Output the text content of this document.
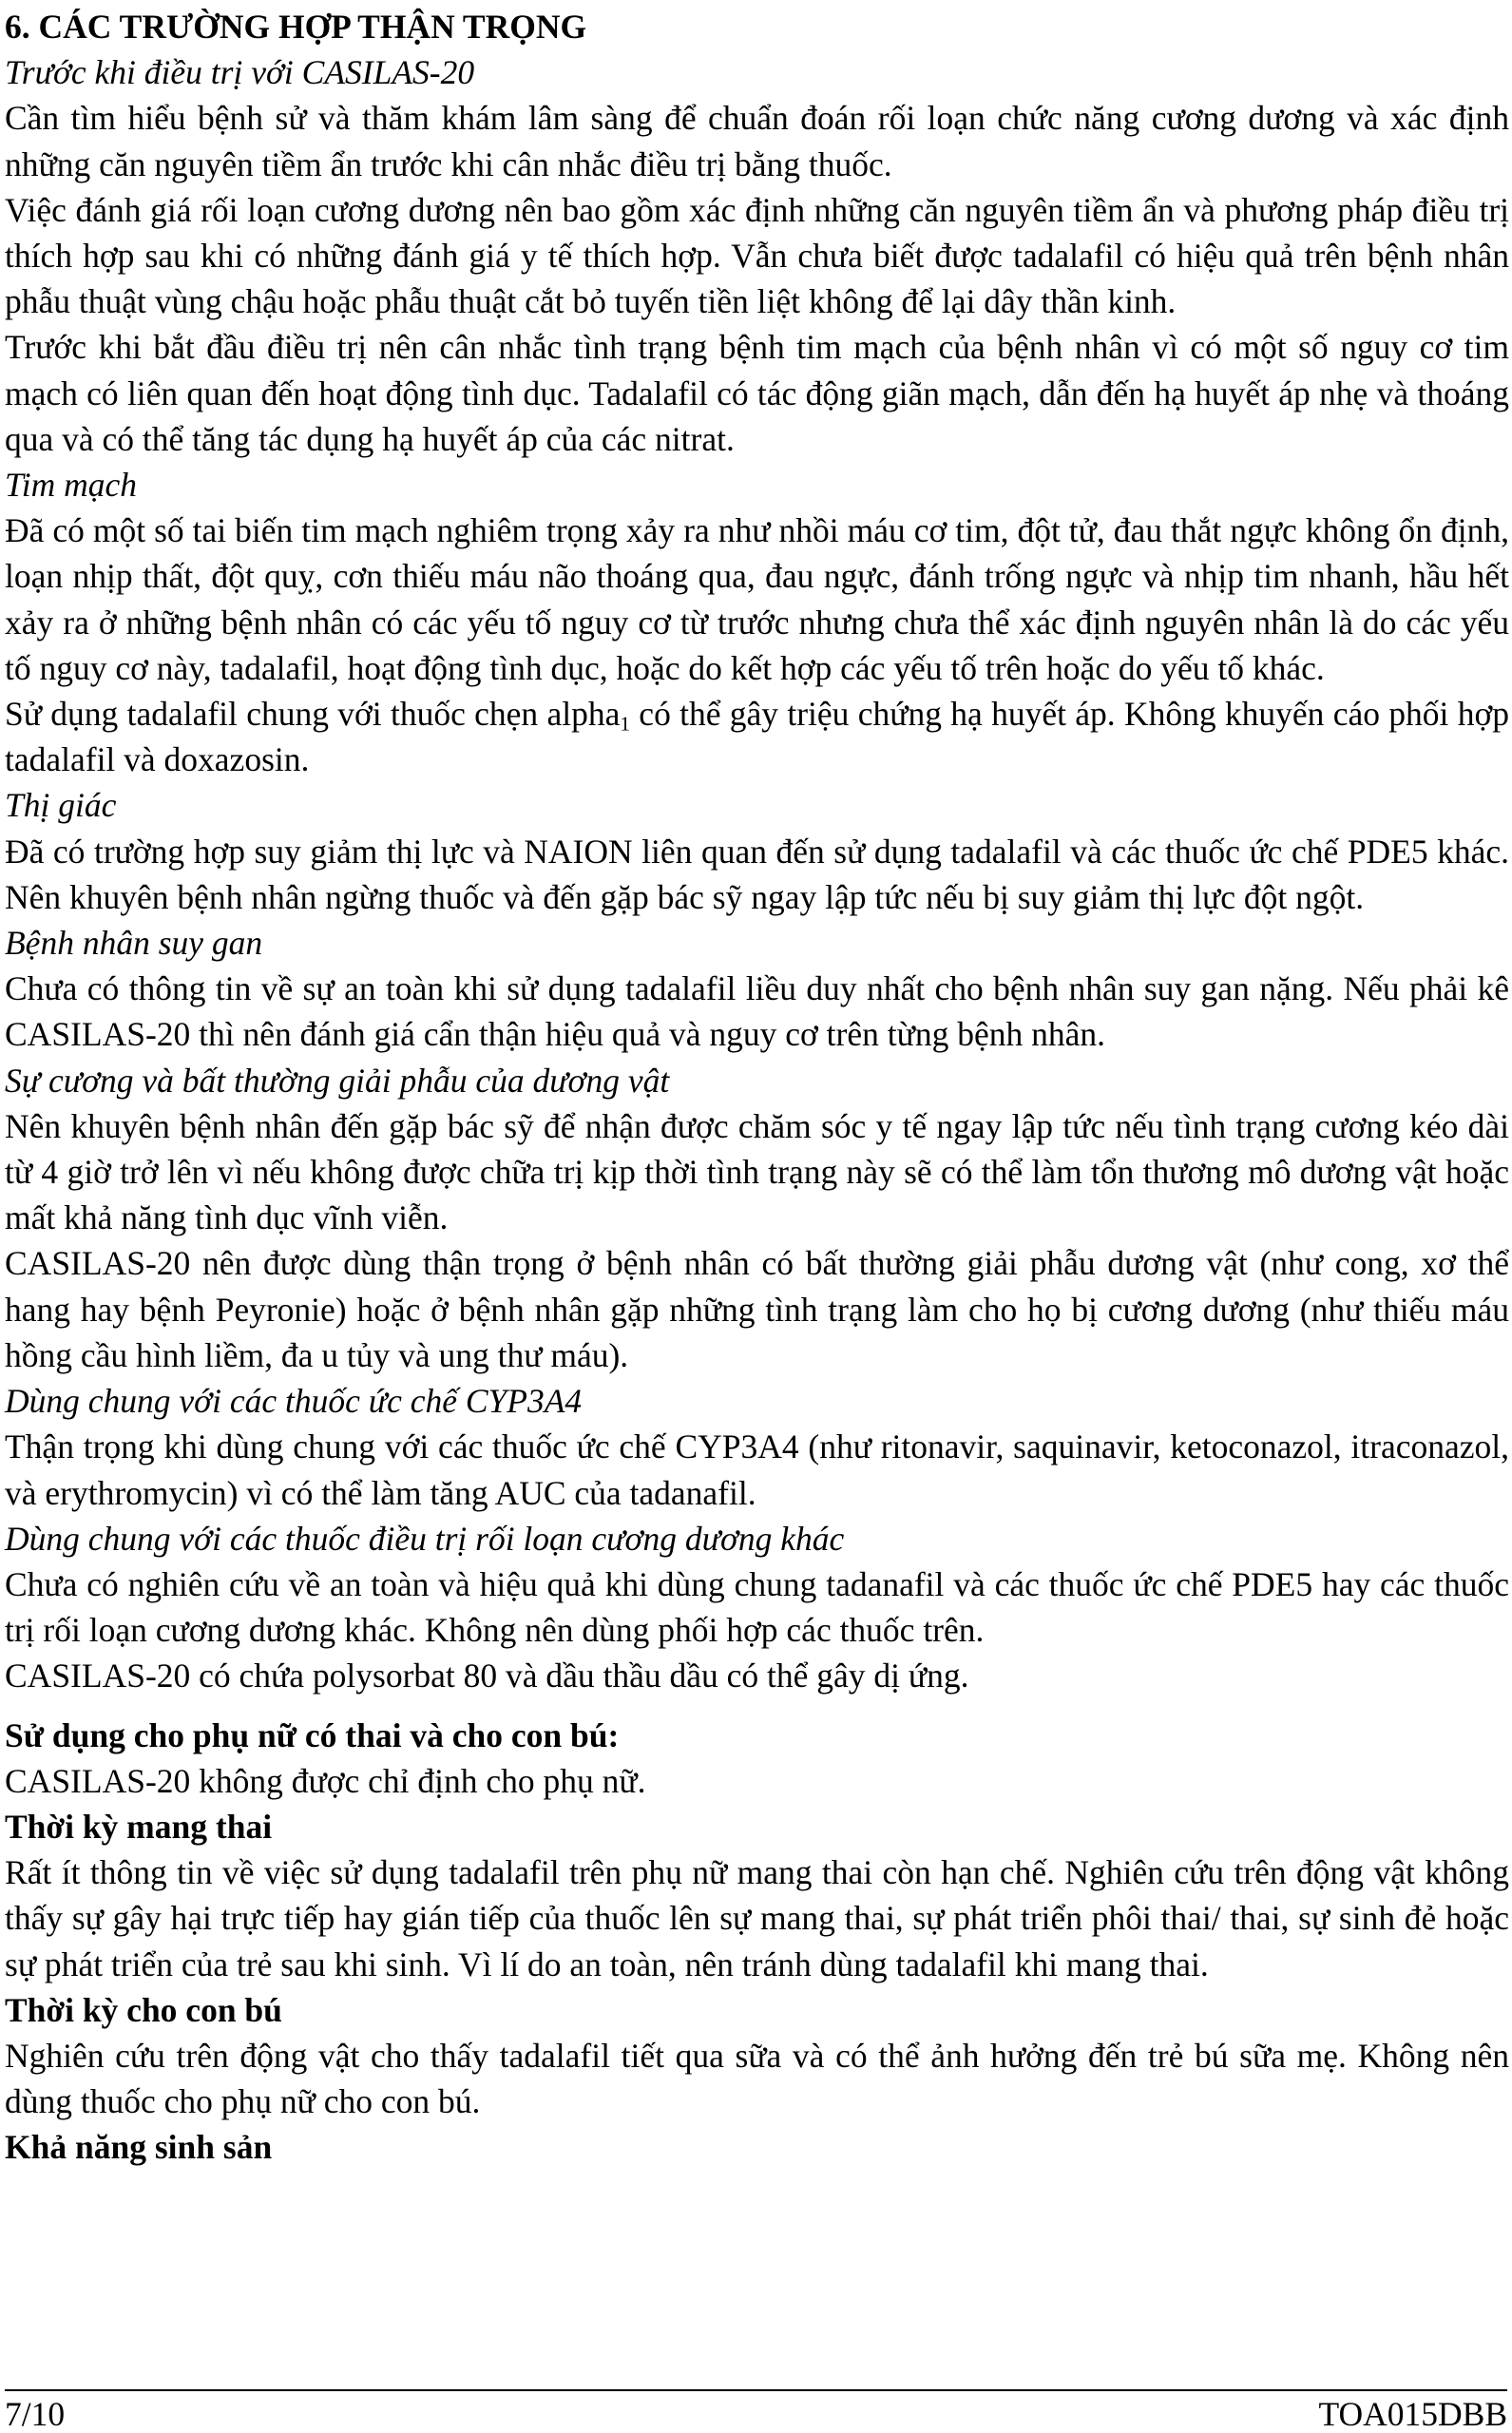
6. CÁC TRƯỜNG HỢP THẬN TRỌNG
Trước khi điều trị với CASILAS-20

Cần tìm hiểu bệnh sử và thăm khám lâm sàng để chuẩn đoán rối loạn chức năng cương dương và xác định những căn nguyên tiềm ẩn trước khi cân nhắc điều trị bằng thuốc.

Việc đánh giá rối loạn cương dương nên bao gồm xác định những căn nguyên tiềm ẩn và phương pháp điều trị thích hợp sau khi có những đánh giá y tế thích hợp. Vẫn chưa biết được tadalafil có hiệu quả trên bệnh nhân phẫu thuật vùng chậu hoặc phẫu thuật cắt bỏ tuyến tiền liệt không để lại dây thần kinh.

Trước khi bắt đầu điều trị nên cân nhắc tình trạng bệnh tim mạch của bệnh nhân vì có một số nguy cơ tim mạch có liên quan đến hoạt động tình dục. Tadalafil có tác động giãn mạch, dẫn đến hạ huyết áp nhẹ và thoáng qua và có thể tăng tác dụng hạ huyết áp của các nitrat.

Tim mạch

Đã có một số tai biến tim mạch nghiêm trọng xảy ra như nhồi máu cơ tim, đột tử, đau thắt ngực không ổn định, loạn nhịp thất, đột quỵ, cơn thiếu máu não thoáng qua, đau ngực, đánh trống ngực và nhịp tim nhanh, hầu hết xảy ra ở những bệnh nhân có các yếu tố nguy cơ từ trước nhưng chưa thể xác định nguyên nhân là do các yếu tố nguy cơ này, tadalafil, hoạt động tình dục, hoặc do kết hợp các yếu tố trên hoặc do yếu tố khác.

Sử dụng tadalafil chung với thuốc chẹn alpha$_1$ có thể gây triệu chứng hạ huyết áp. Không khuyến cáo phối hợp tadalafil và doxazosin.

Thị giác

Đã có trường hợp suy giảm thị lực và NAION liên quan đến sử dụng tadalafil và các thuốc ức chế PDE5 khác. Nên khuyên bệnh nhân ngừng thuốc và đến gặp bác sỹ ngay lập tức nếu bị suy giảm thị lực đột ngột.

Bệnh nhân suy gan

Chưa có thông tin về sự an toàn khi sử dụng tadalafil liều duy nhất cho bệnh nhân suy gan nặng. Nếu phải kê CASILAS-20 thì nên đánh giá cẩn thận hiệu quả và nguy cơ trên từng bệnh nhân.

Sự cương và bất thường giải phẫu của dương vật

Nên khuyên bệnh nhân đến gặp bác sỹ để nhận được chăm sóc y tế ngay lập tức nếu tình trạng cương kéo dài từ 4 giờ trở lên vì nếu không được chữa trị kịp thời tình trạng này sẽ có thể làm tổn thương mô dương vật hoặc mất khả năng tình dục vĩnh viễn.

CASILAS-20 nên được dùng thận trọng ở bệnh nhân có bất thường giải phẫu dương vật (như cong, xơ thể hang hay bệnh Peyronie) hoặc ở bệnh nhân gặp những tình trạng làm cho họ bị cương dương (như thiếu máu hồng cầu hình liềm, đa u tủy và ung thư máu).

Dùng chung với các thuốc ức chế CYP3A4

Thận trọng khi dùng chung với các thuốc ức chế CYP3A4 (như ritonavir, saquinavir, ketoconazol, itraconazol, và erythromycin) vì có thể làm tăng AUC của tadanafil.

Dùng chung với các thuốc điều trị rối loạn cương dương khác

Chưa có nghiên cứu về an toàn và hiệu quả khi dùng chung tadanafil và các thuốc ức chế PDE5 hay các thuốc trị rối loạn cương dương khác. Không nên dùng phối hợp các thuốc trên.

CASILAS-20 có chứa polysorbat 80 và dầu thầu dầu có thể gây dị ứng.

Sử dụng cho phụ nữ có thai và cho con bú:

CASILAS-20 không được chỉ định cho phụ nữ.

Thời kỳ mang thai

Rất ít thông tin về việc sử dụng tadalafil trên phụ nữ mang thai còn hạn chế. Nghiên cứu trên động vật không thấy sự gây hại trực tiếp hay gián tiếp của thuốc lên sự mang thai, sự phát triển phôi thai/ thai, sự sinh đẻ hoặc sự phát triển của trẻ sau khi sinh. Vì lí do an toàn, nên tránh dùng tadalafil khi mang thai.

Thời kỳ cho con bú

Nghiên cứu trên động vật cho thấy tadalafil tiết qua sữa và có thể ảnh hưởng đến trẻ bú sữa mẹ. Không nên dùng thuốc cho phụ nữ cho con bú.

Khả năng sinh sản
7/10	TOA015DBB
